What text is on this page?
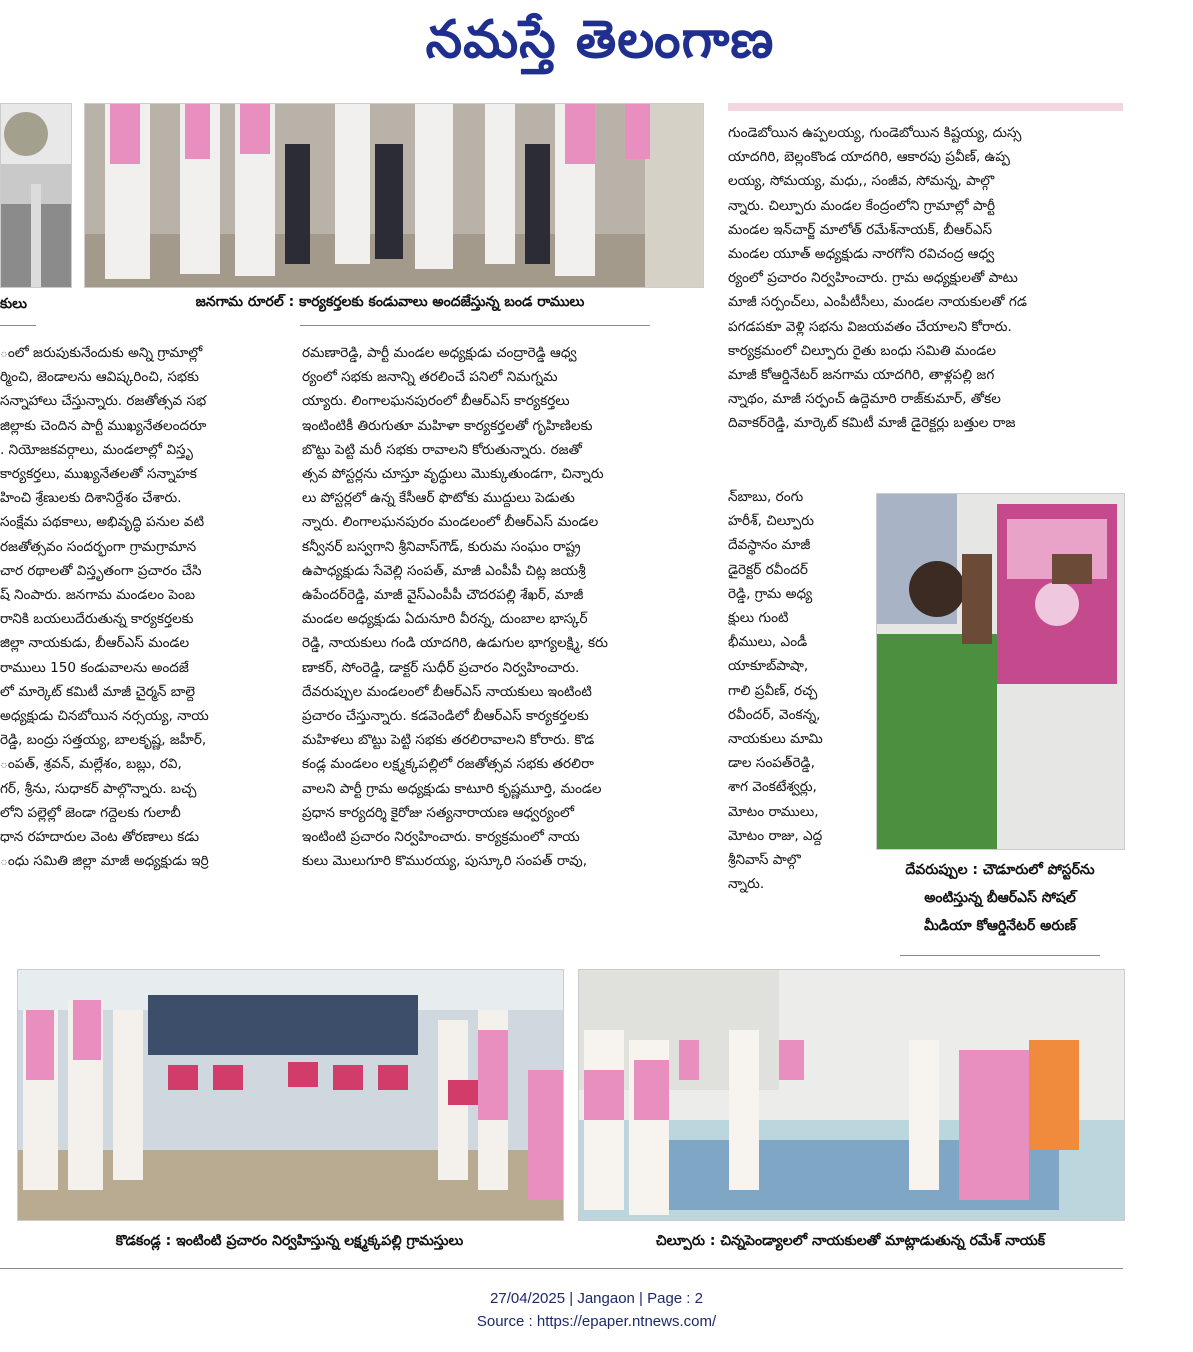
నమస్తే తెలంగాణ
కులు	జనగామ రూరల్ : కార్యకర్తలకు కండువాలు అందజేస్తున్న బండ రాములు

గుండెబోయిన ఉప్పలయ్య, గుండెబోయిన కిష్టయ్య, దుస్స

యాదగిరి, బెల్లంకొండ యాదగిరి, ఆకారపు ప్రవీణ్, ఉప్ప

లయ్య, సోమయ్య, మధు,, సంజీవ, సోమన్న, పాల్గొ

న్నారు. చిల్పూరు మండల కేంద్రంలోని గ్రామాల్లో పార్టీ

మండల ఇన్‌చార్జ్ మాలోత్ రమేశ్‌నాయక్, బీఆర్‌ఎస్

మండల యూత్ అధ్యక్షుడు నారగోని రవిచంద్ర ఆధ్వ

ర్యంలో ప్రచారం నిర్వహించారు. గ్రామ అధ్యక్షులతో పాటు

మాజీ సర్పంచ్‌లు, ఎంపీటీసీలు, మండల నాయకులతో గడ

పగడపకూ వెళ్లి సభను విజయవతం చేయాలని కోరారు.

కార్యక్రమంలో చిల్పూరు రైతు బంధు సమితి మండల

మాజీ కోఆర్డినేటర్ జనగామ యాదగిరి, తాళ్లపల్లి జగ

న్నాథం, మాజీ సర్పంచ్ ఉద్దెమారి రాజ్‌కుమార్, తోకల

దివాకర్‌రెడ్డి, మార్కెట్ కమిటీ మాజీ డైరెక్టర్లు బత్తుల రాజ

న్‌బాబు, రంగు

హరీశ్, చిల్పూరు

దేవస్థానం మాజీ

డైరెక్టర్ రవీందర్

రెడ్డి, గ్రామ అధ్య

క్షులు గుంటి

భీములు, ఎండీ

యాకూబ్‌పాషా,

గాలి ప్రవీణ్, రచ్చ

రవీందర్, వెంకన్న,

నాయకులు మామి

డాల సంపత్‌రెడ్డి,

శాగ వెంకటేశ్వర్లు,

మోటం రాములు,

మోటం రాజు, ఎద్ద

శ్రీనివాస్ పాల్గొ

న్నారు.

దేవరుప్పుల : చౌడూరులో పోస్టర్‌ను
అంటిస్తున్న బీఆర్‌ఎస్ సోషల్
మీడియా కోఆర్డినేటర్ అరుణ్

ంలో జరుపుకునేందుకు అన్ని గ్రామాల్లో

ర్మించి, జెండాలను ఆవిష్కరించి, సభకు

సన్నాహాలు చేస్తున్నారు. రజతోత్సవ సభ

జిల్లాకు చెందిన పార్టీ ముఖ్యనేతలందరూ

. నియోజకవర్గాలు, మండలాల్లో విస్తృ

కార్యకర్తలు, ముఖ్యనేతలతో సన్నాహక

హించి శ్రేణులకు దిశానిర్దేశం చేశారు.

సంక్షేమ పథకాలు, అభివృద్ధి పనుల వటి

రజతోత్సవం సందర్భంగా గ్రామగ్రామాన

చార రథాలతో విస్తృతంగా ప్రచారం చేసి

ష్ నింపారు. జనగామ మండలం పెంబ

రానికి బయలుదేరుతున్న కార్యకర్తలకు

జిల్లా నాయకుడు, బీఆర్‌ఎస్ మండల

రాములు 150 కండువాలను అందజే

లో మార్కెట్ కమిటీ మాజీ చైర్మన్ బాల్దె

అధ్యక్షుడు చినబోయిన నర్సయ్య, నాయ

రెడ్డి, బంద్రు సత్తయ్య, బాలకృష్ణ, జహీర్,

ంపత్, శ్రవన్, మల్లేశం, బబ్లు, రవి,

గర్, శ్రీను, సుధాకర్ పాల్గొన్నారు. బచ్చ

లోని పల్లెల్లో జెండా గద్దెలకు గులాబీ

ధాన రహదారుల వెంట తోరణాలు కడు

ంధు సమితి జిల్లా మాజీ అధ్యక్షుడు ఇర్రి

రమణారెడ్డి, పార్టీ మండల అధ్యక్షుడు చంద్రారెడ్డి ఆధ్వ

ర్యంలో సభకు జనాన్ని తరలించే పనిలో నిమగ్నమ

య్యారు. లింగాలఘనపురంలో బీఆర్‌ఎస్ కార్యకర్తలు

ఇంటింటికీ తిరుగుతూ మహిళా కార్యకర్తలతో గృహిణిలకు

బొట్టు పెట్టి మరీ సభకు రావాలని కోరుతున్నారు. రజతో

త్సవ పోస్టర్లను చూస్తూ వృద్ధులు మొక్కుతుండగా, చిన్నారు

లు పోస్టర్లలో ఉన్న కేసీఆర్ ఫొటోకు ముద్దులు పెడుతు

న్నారు. లింగాలఘనపురం మండలంలో బీఆర్‌ఎస్ మండల

కన్వీనర్ బస్వగాని శ్రీనివాస్‌గౌడ్, కురుమ సంఘం రాష్ట్ర

ఉపాధ్యక్షుడు సేవెల్లి సంపత్, మాజీ ఎంపీపీ చిట్ల జయశ్రీ

ఉపేందర్‌రెడ్డి, మాజీ వైస్‌ఎంపీపీ చౌదరపల్లి శేఖర్, మాజీ

మండల అధ్యక్షుడు ఏదునూరి వీరన్న, దుంబాల భాస్కర్

రెడ్డి, నాయకులు గండి యాదగిరి, ఉడుగుల భాగ్యలక్ష్మి, కరు

ణాకర్, సోంరెడ్డి, డాక్టర్ సుధీర్ ప్రచారం నిర్వహించారు.

దేవరుప్పుల మండలంలో బీఆర్‌ఎస్ నాయకులు ఇంటింటి

ప్రచారం చేస్తున్నారు. కడవెండిలో బీఆర్‌ఎస్ కార్యకర్తలకు

మహిళలు బొట్టు పెట్టి సభకు తరలిరావాలని కోరారు. కొడ

కండ్ల మండలం లక్ష్మక్కపల్లిలో రజతోత్సవ సభకు తరలిరా

వాలని పార్టీ గ్రామ అధ్యక్షుడు కాటూరి కృష్ణమూర్తి, మండల

ప్రధాన కార్యదర్శి కైరోజు సత్యనారాయణ ఆధ్వర్యంలో

ఇంటింటి ప్రచారం నిర్వహించారు. కార్యక్రమంలో నాయ

కులు మొలుగూరి కొమురయ్య, పుస్కూరి సంపత్ రావు,

కొడకండ్ల : ఇంటింటి ప్రచారం నిర్వహిస్తున్న లక్ష్మక్కపల్లి గ్రామస్తులు	చిల్పూరు : చిన్నపెండ్యాలలో నాయకులతో మాట్లాడుతున్న రమేశ్ నాయక్
27/04/2025 | Jangaon | Page : 2
Source : https://epaper.ntnews.com/
